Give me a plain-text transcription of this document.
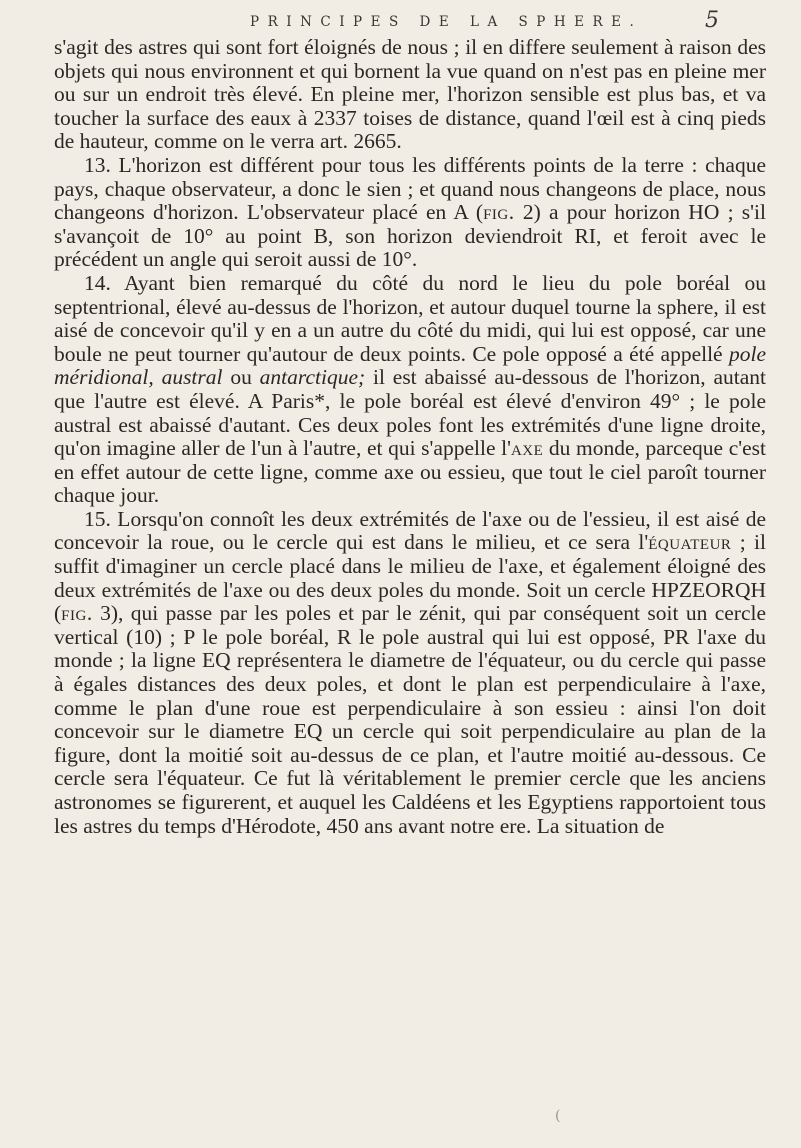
PRINCIPES DE LA SPHERE.	5

s'agit des astres qui sont fort éloignés de nous ; il en differe seulement à raison des objets qui nous environnent et qui bornent la vue quand on n'est pas en pleine mer ou sur un endroit très élevé. En pleine mer, l'horizon sensible est plus bas, et va toucher la surface des eaux à 2337 toises de distance, quand l'œil est à cinq pieds de hauteur, comme on le verra art. 2665.

13. L'horizon est différent pour tous les différents points de la terre : chaque pays, chaque observateur, a donc le sien ; et quand nous changeons de place, nous changeons d'horizon. L'observateur placé en A (fig. 2) a pour horizon HO ; s'il s'avançoit de 10° au point B, son horizon deviendroit RI, et feroit avec le précédent un angle qui seroit aussi de 10°.

14. Ayant bien remarqué du côté du nord le lieu du pole boréal ou septentrional, élevé au-dessus de l'horizon, et autour duquel tourne la sphere, il est aisé de concevoir qu'il y en a un autre du côté du midi, qui lui est opposé, car une boule ne peut tourner qu'autour de deux points. Ce pole opposé a été appellé pole méridional, austral ou antarctique; il est abaissé au-dessous de l'horizon, autant que l'autre est élevé. A Paris*, le pole boréal est élevé d'environ 49° ; le pole austral est abaissé d'autant. Ces deux poles font les extrémités d'une ligne droite, qu'on imagine aller de l'un à l'autre, et qui s'appelle l'axe du monde, parceque c'est en effet autour de cette ligne, comme axe ou essieu, que tout le ciel paroît tourner chaque jour.

15. Lorsqu'on connoît les deux extrémités de l'axe ou de l'essieu, il est aisé de concevoir la roue, ou le cercle qui est dans le milieu, et ce sera l'équateur ; il suffit d'imaginer un cercle placé dans le milieu de l'axe, et également éloigné des deux extrémités de l'axe ou des deux poles du monde. Soit un cercle HPZEORQH (fig. 3), qui passe par les poles et par le zénit, qui par conséquent soit un cercle vertical (10) ; P le pole boréal, R le pole austral qui lui est opposé, PR l'axe du monde ; la ligne EQ représentera le diametre de l'équateur, ou du cercle qui passe à égales distances des deux poles, et dont le plan est perpendiculaire à l'axe, comme le plan d'une roue est perpendiculaire à son essieu : ainsi l'on doit concevoir sur le diametre EQ un cercle qui soit perpendiculaire au plan de la figure, dont la moitié soit au-dessus de ce plan, et l'autre moitié au-dessous. Ce cercle sera l'équateur. Ce fut là véritablement le premier cercle que les anciens astronomes se figurerent, et auquel les Caldéens et les Egyptiens rapportoient tous les astres du temps d'Hérodote, 450 ans avant notre ere. La situation de

(
